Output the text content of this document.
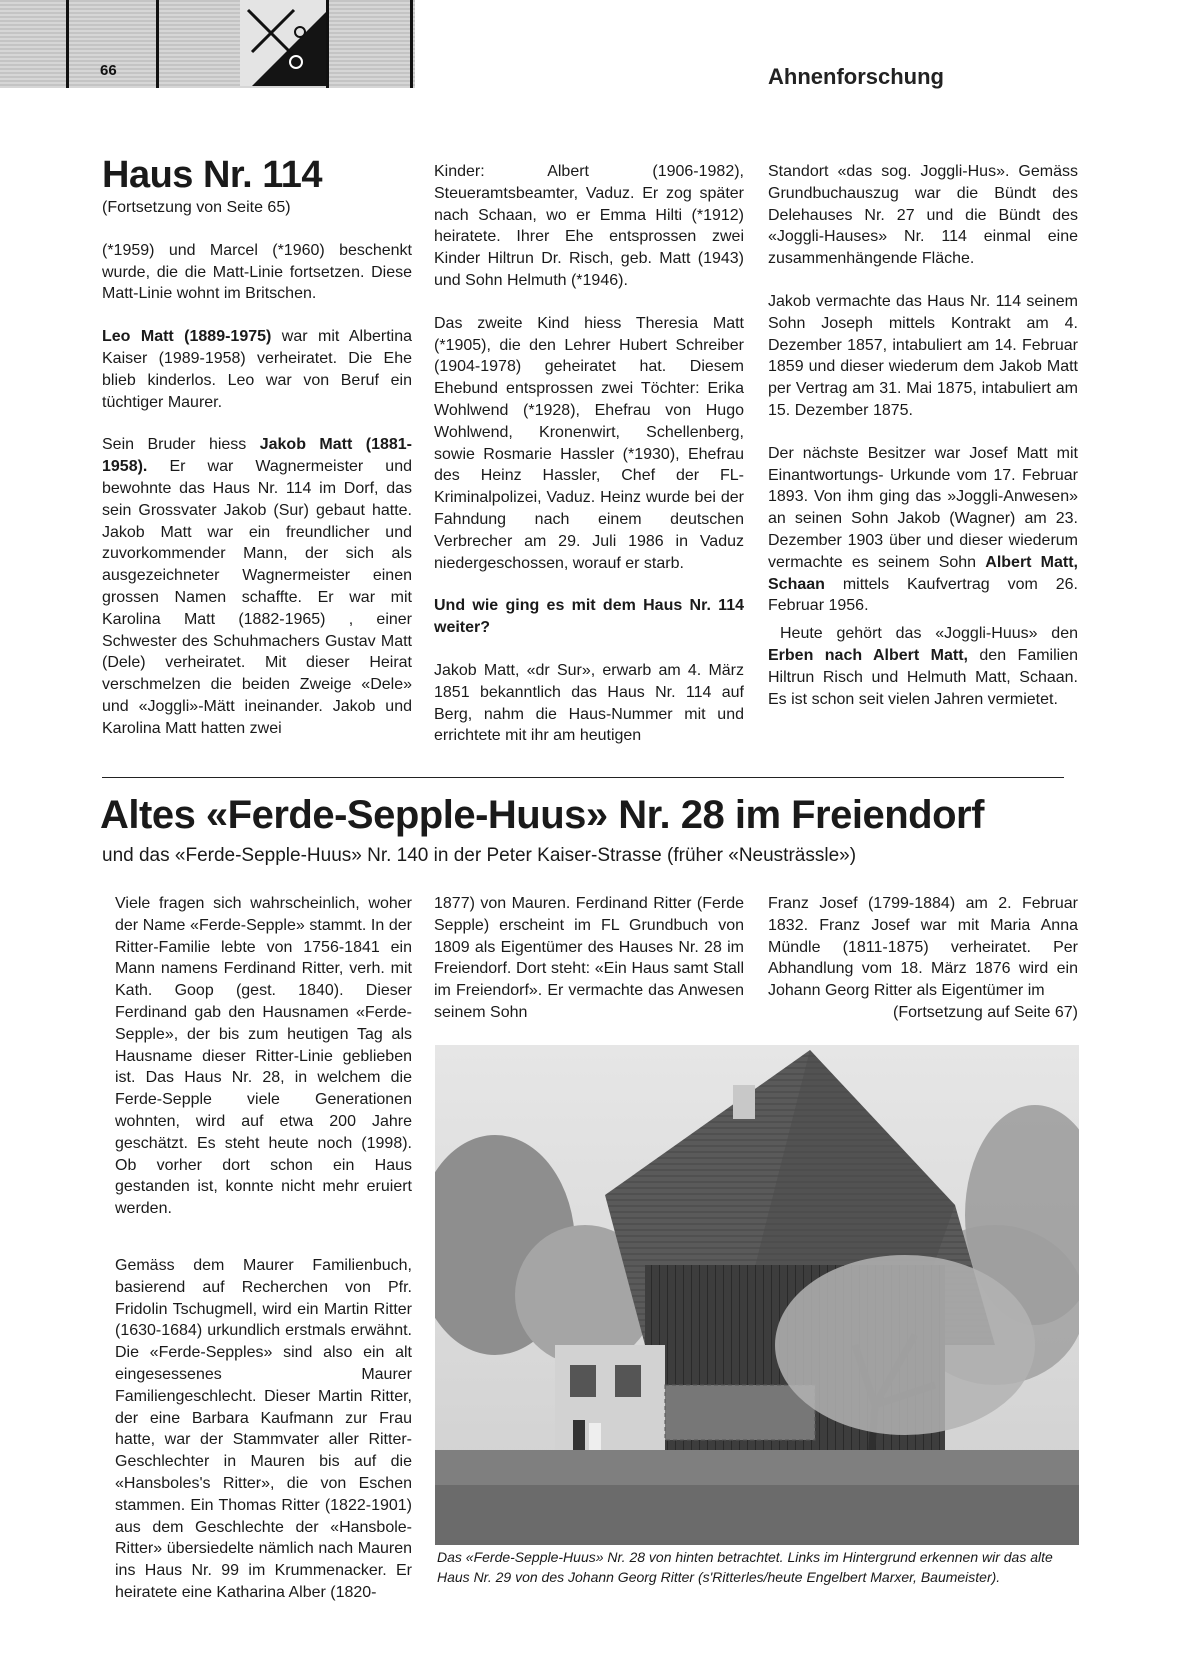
66	Ahnenforschung
Haus Nr. 114

(Fortsetzung von Seite 65)

(*1959) und Marcel (*1960) beschenkt wurde, die die Matt-Linie fortsetzen. Diese Matt-Linie wohnt im Britschen.

Leo Matt (1889-1975) war mit Albertina Kaiser (1989-1958) verheiratet. Die Ehe blieb kinderlos. Leo war von Beruf ein tüchtiger Maurer.

Sein Bruder hiess Jakob Matt (1881-1958). Er war Wagnermeister und bewohnte das Haus Nr. 114 im Dorf, das sein Grossvater Jakob (Sur) gebaut hatte. Jakob Matt war ein freundlicher und zuvorkommender Mann, der sich als ausgezeichneter Wagnermeister einen grossen Namen schaffte. Er war mit Karolina Matt (1882-1965) , einer Schwester des Schuhmachers Gustav Matt (Dele) verheiratet. Mit dieser Heirat verschmelzen die beiden Zweige «Dele» und «Joggli»-Mätt ineinander. Jakob und Karolina Matt hatten zwei

Kinder: Albert (1906-1982), Steueramtsbeamter, Vaduz. Er zog später nach Schaan, wo er Emma Hilti (*1912) heiratete. Ihrer Ehe entsprossen zwei Kinder Hiltrun Dr. Risch, geb. Matt (1943) und Sohn Helmuth (*1946).

Das zweite Kind hiess Theresia Matt (*1905), die den Lehrer Hubert Schreiber (1904-1978) geheiratet hat. Diesem Ehebund entsprossen zwei Töchter: Erika Wohlwend (*1928), Ehefrau von Hugo Wohlwend, Kronenwirt, Schellenberg, sowie Rosmarie Hassler (*1930), Ehefrau des Heinz Hassler, Chef der FL-Kriminalpolizei, Vaduz. Heinz wurde bei der Fahndung nach einem deutschen Verbrecher am 29. Juli 1986 in Vaduz niedergeschossen, worauf er starb.

Und wie ging es mit dem Haus Nr. 114 weiter?

Jakob Matt, «dr Sur», erwarb am 4. März 1851 bekanntlich das Haus Nr. 114 auf Berg, nahm die Haus-Nummer mit und errichtete mit ihr am heutigen

Standort «das sog. Joggli-Hus». Gemäss Grundbuchauszug war die Bündt des Delehauses Nr. 27 und die Bündt des «Joggli-Hauses» Nr. 114 einmal eine zusammenhängende Fläche.

Jakob vermachte das Haus Nr. 114 seinem Sohn Joseph mittels Kontrakt am 4. Dezember 1857, intabuliert am 14. Februar 1859 und dieser wiederum dem Jakob Matt per Vertrag am 31. Mai 1875, intabuliert am 15. Dezember 1875.

Der nächste Besitzer war Josef Matt mit Einantwortungs- Urkunde vom 17. Februar 1893. Von ihm ging das »Joggli-Anwesen» an seinen Sohn Jakob (Wagner) am 23. Dezember 1903 über und dieser wiederum vermachte es seinem Sohn Albert Matt, Schaan mittels Kaufvertrag vom 26. Februar 1956.

Heute gehört das «Joggli-Huus» den Erben nach Albert Matt, den Familien Hiltrun Risch und Helmuth Matt, Schaan. Es ist schon seit vielen Jahren vermietet.

Altes «Ferde-Sepple-Huus» Nr. 28 im Freiendorf
und das «Ferde-Sepple-Huus» Nr. 140 in der Peter Kaiser-Strasse (früher «Neusträssle»)

Viele fragen sich wahrscheinlich, woher der Name «Ferde-Sepple» stammt. In der Ritter-Familie lebte von 1756-1841 ein Mann namens Ferdinand Ritter, verh. mit Kath. Goop (gest. 1840). Dieser Ferdinand gab den Hausnamen «Ferde-Sepple», der bis zum heutigen Tag als Hausname dieser Ritter-Linie geblieben ist. Das Haus Nr. 28, in welchem die Ferde-Sepple viele Generationen wohnten, wird auf etwa 200 Jahre geschätzt. Es steht heute noch (1998). Ob vorher dort schon ein Haus gestanden ist, konnte nicht mehr eruiert werden.

Gemäss dem Maurer Familienbuch, basierend auf Recherchen von Pfr. Fridolin Tschugmell, wird ein Martin Ritter (1630-1684) urkundlich erstmals erwähnt. Die «Ferde-Sepples» sind also ein alt eingesessenes Maurer Familiengeschlecht. Dieser Martin Ritter, der eine Barbara Kaufmann zur Frau hatte, war der Stammvater aller Ritter- Geschlechter in Mauren bis auf die «Hansboles's Ritter», die von Eschen stammen. Ein Thomas Ritter (1822-1901) aus dem Geschlechte der «Hansbole-Ritter» übersiedelte nämlich nach Mauren ins Haus Nr. 99 im Krummenacker. Er heiratete eine Katharina Alber (1820-

1877) von Mauren. Ferdinand Ritter (Ferde Sepple) erscheint im FL Grundbuch von 1809 als Eigentümer des Hauses Nr. 28 im Freiendorf. Dort steht: «Ein Haus samt Stall im Freiendorf». Er vermachte das Anwesen seinem Sohn

Franz Josef (1799-1884) am 2. Februar 1832. Franz Josef war mit Maria Anna Mündle (1811-1875) verheiratet. Per Abhandlung vom 18. März 1876 wird ein Johann Georg Ritter als Eigentümer im
(Fortsetzung auf Seite 67)

Das «Ferde-Sepple-Huus» Nr. 28 von hinten betrachtet. Links im Hintergrund erkennen wir das alte Haus Nr. 29 von des Johann Georg Ritter (s'Ritterles/heute Engelbert Marxer, Baumeister).
